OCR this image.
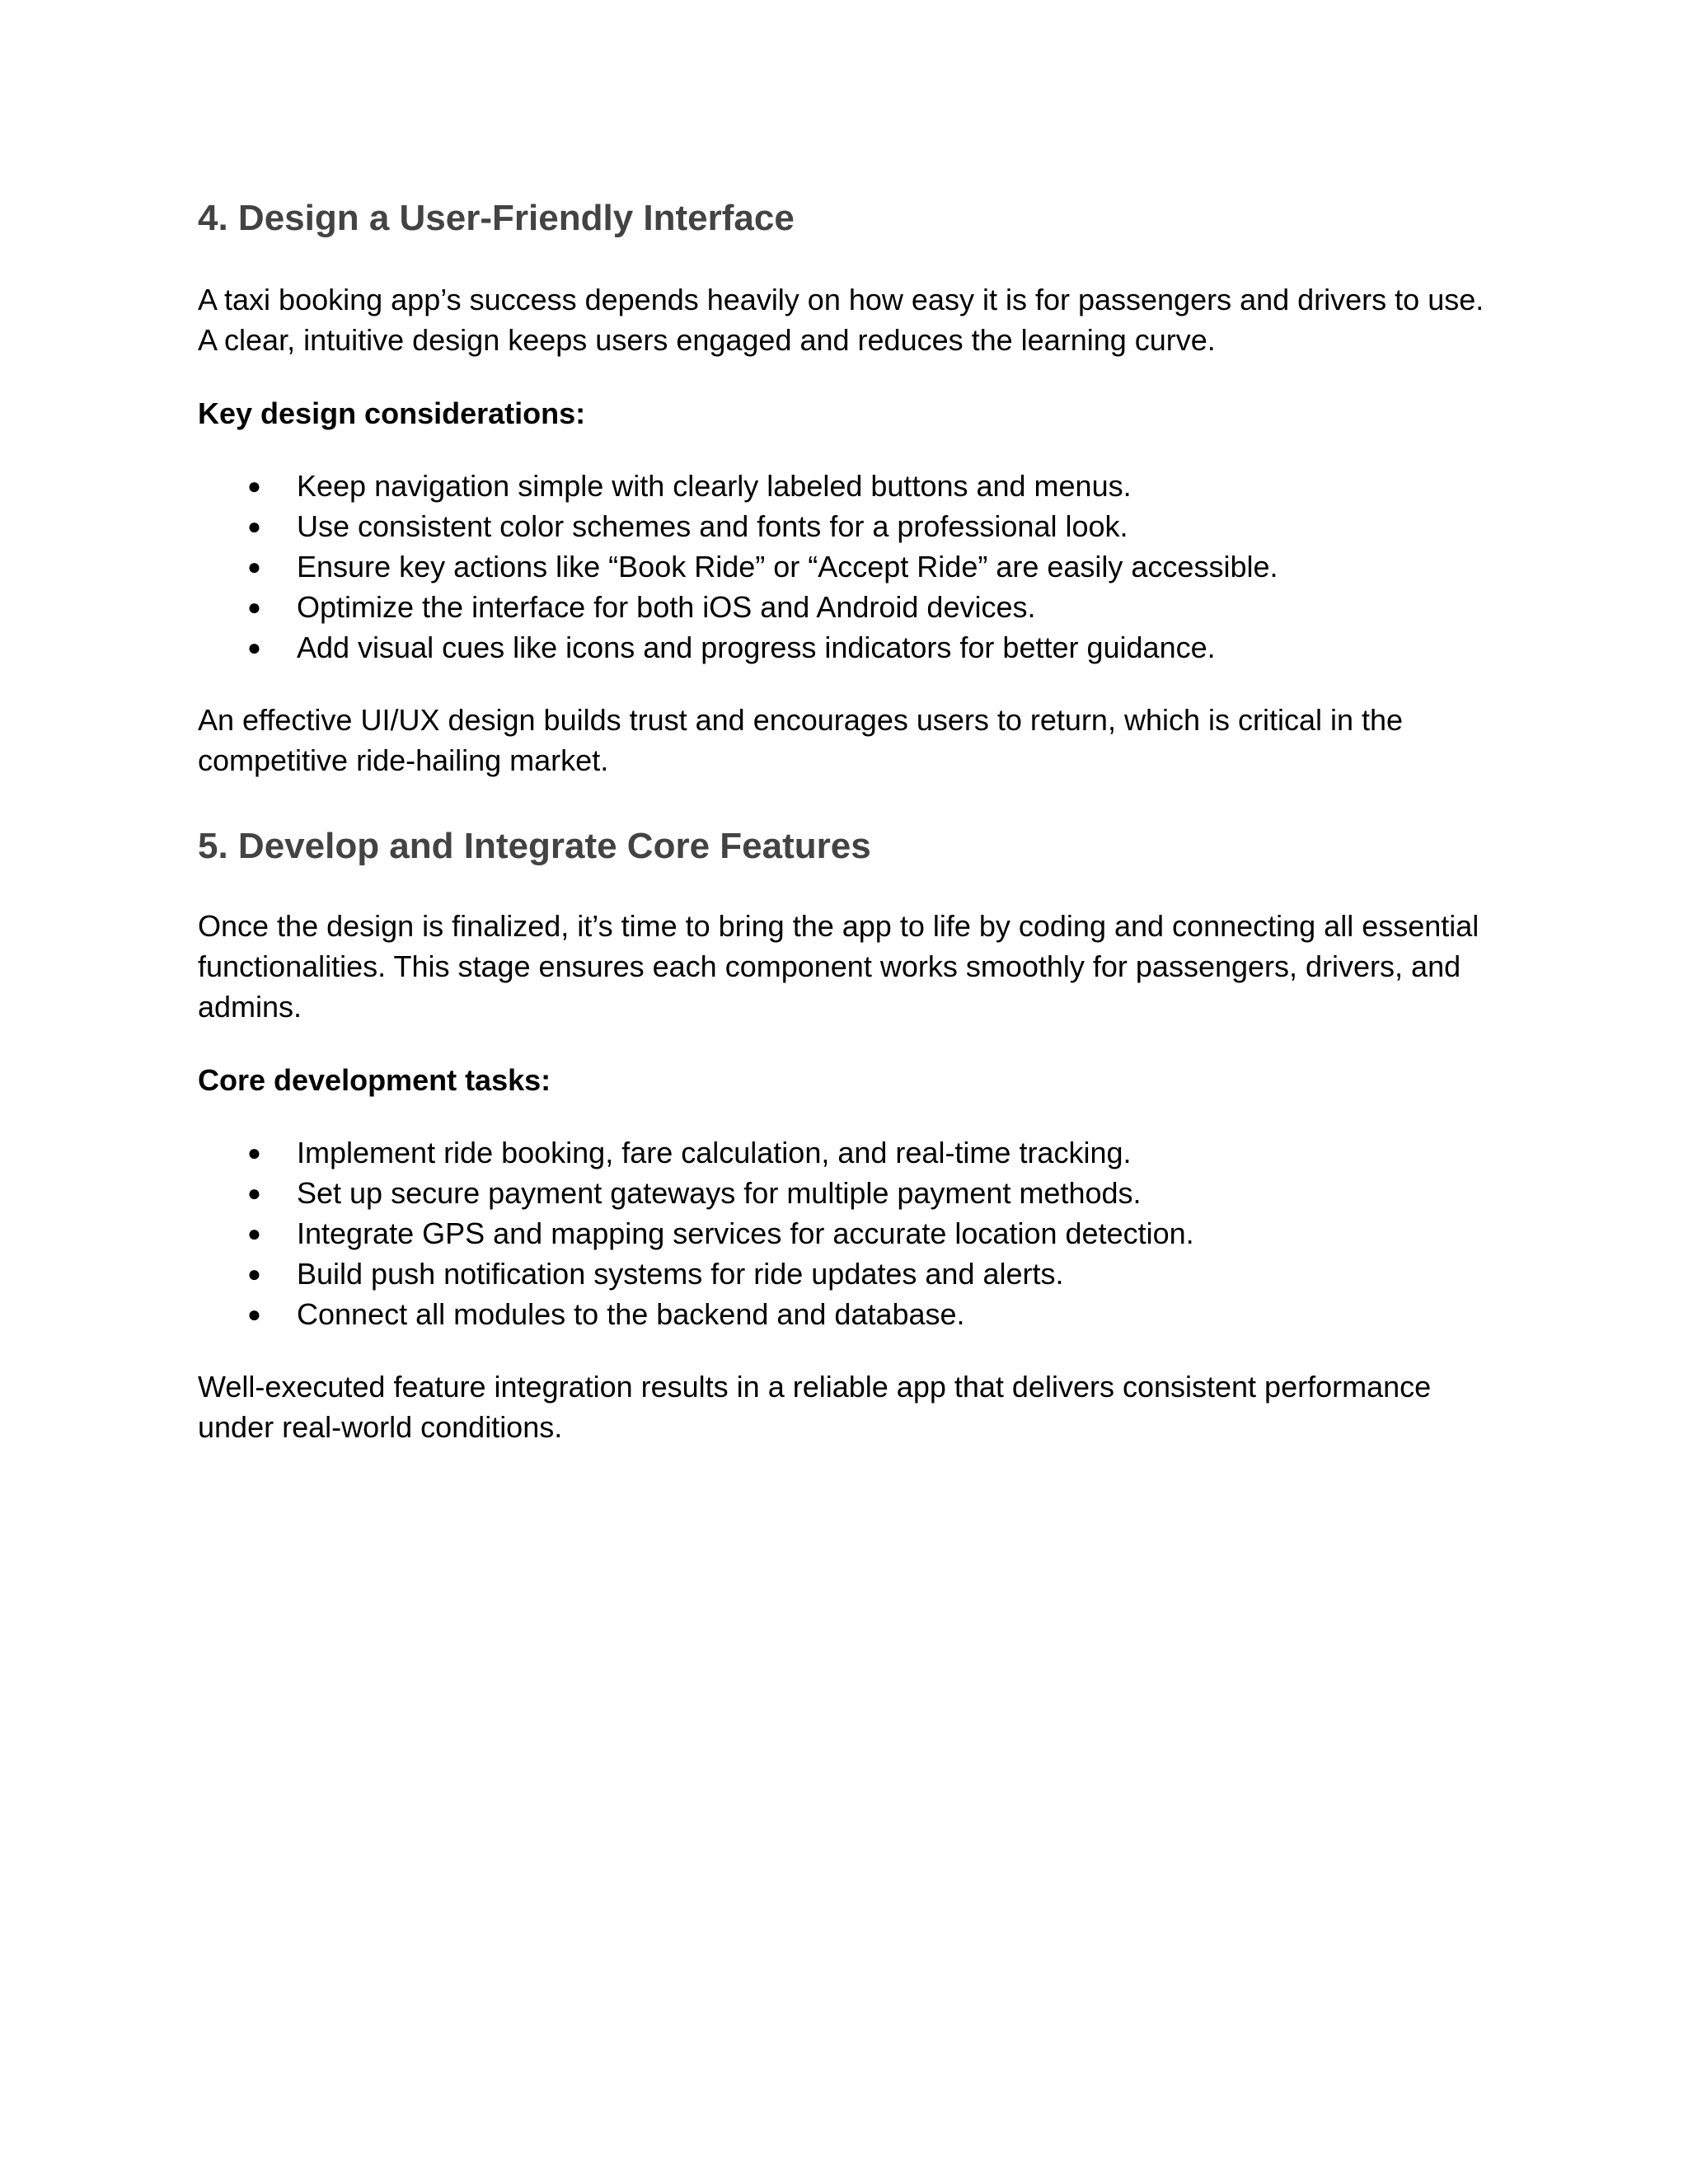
4. Design a User-Friendly Interface

A taxi booking app’s success depends heavily on how easy it is for passengers and drivers to use. A clear, intuitive design keeps users engaged and reduces the learning curve.

Key design considerations:

● Keep navigation simple with clearly labeled buttons and menus.
● Use consistent color schemes and fonts for a professional look.
● Ensure key actions like “Book Ride” or “Accept Ride” are easily accessible.
● Optimize the interface for both iOS and Android devices.
● Add visual cues like icons and progress indicators for better guidance.

An effective UI/UX design builds trust and encourages users to return, which is critical in the competitive ride-hailing market.

5. Develop and Integrate Core Features

Once the design is finalized, it’s time to bring the app to life by coding and connecting all essential functionalities. This stage ensures each component works smoothly for passengers, drivers, and admins.

Core development tasks:

● Implement ride booking, fare calculation, and real-time tracking.
● Set up secure payment gateways for multiple payment methods.
● Integrate GPS and mapping services for accurate location detection.
● Build push notification systems for ride updates and alerts.
● Connect all modules to the backend and database.

Well-executed feature integration results in a reliable app that delivers consistent performance under real-world conditions.
